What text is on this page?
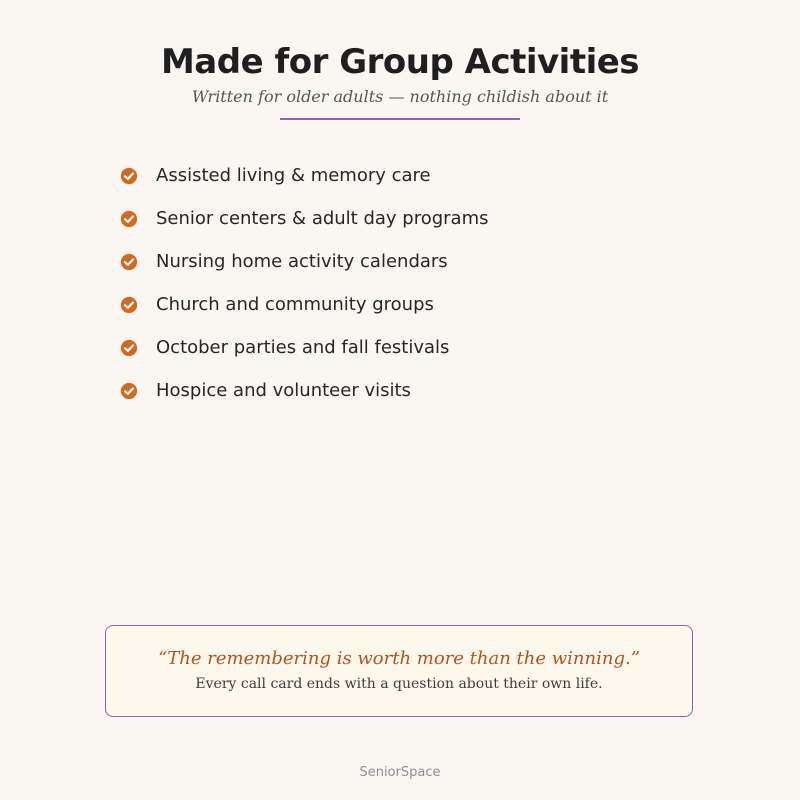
Made for Group Activities
Written for older adults — nothing childish about it
Assisted living & memory care
Senior centers & adult day programs
Nursing home activity calendars
Church and community groups
October parties and fall festivals
Hospice and volunteer visits
“The remembering is worth more than the winning.”
Every call card ends with a question about their own life.
SeniorSpace
